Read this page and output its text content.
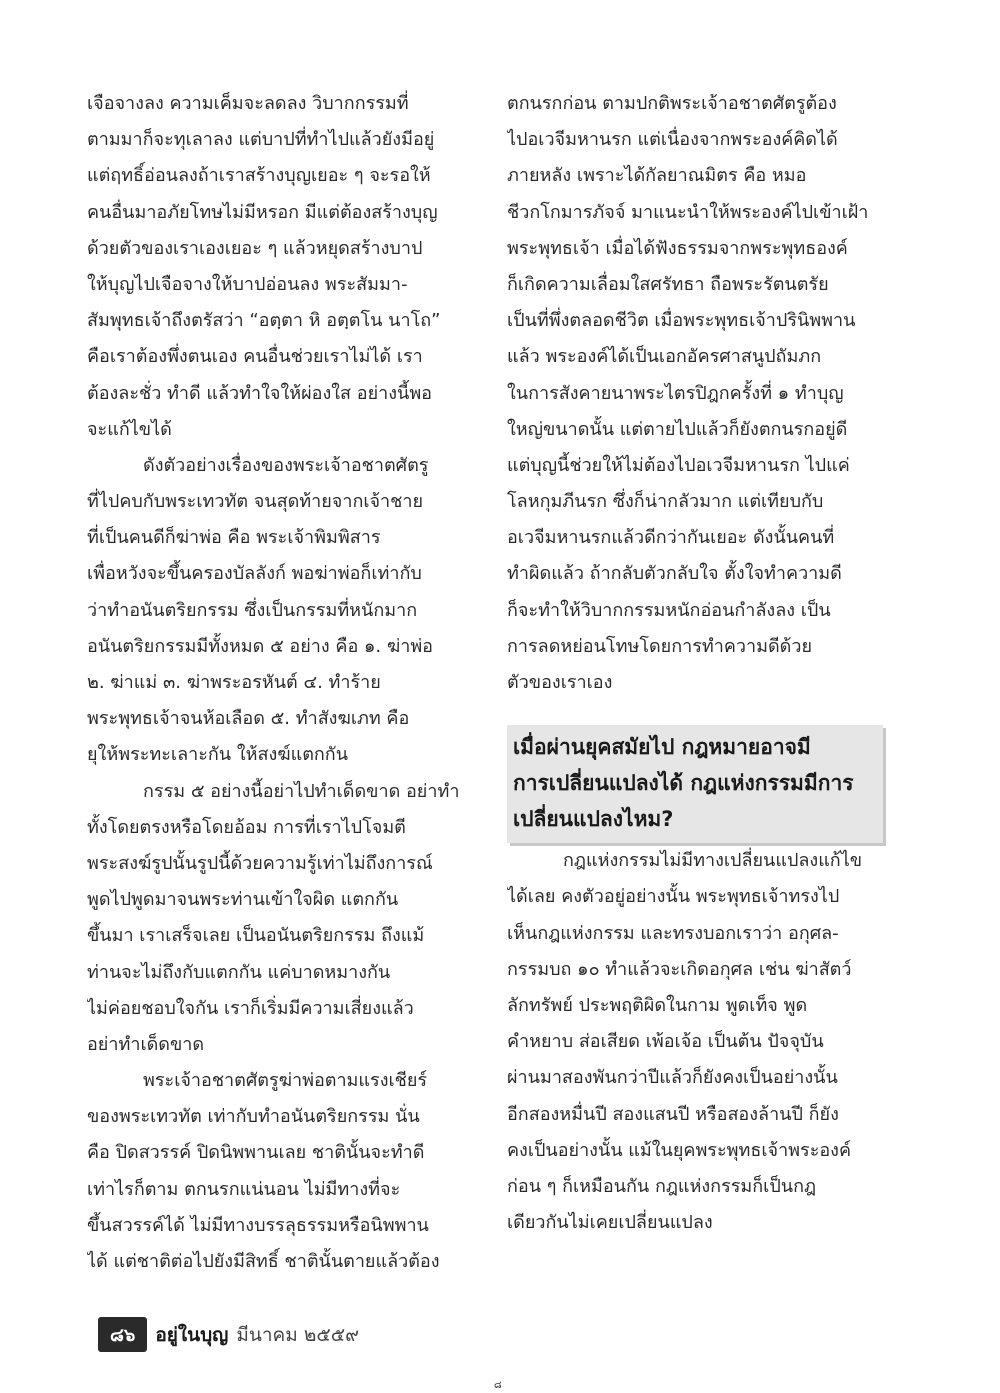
เจือจางลง ความเค็มจะลดลง วิบากกรรมที่
ตามมาก็จะทุเลาลง แต่บาปที่ทำไปแล้วยังมีอยู่
แต่ฤทธิ์อ่อนลงถ้าเราสร้างบุญเยอะ ๆ จะรอให้
คนอื่นมาอภัยโทษไม่มีหรอก มีแต่ต้องสร้างบุญ
ด้วยตัวของเราเองเยอะ ๆ แล้วหยุดสร้างบาป
ให้บุญไปเจือจางให้บาปอ่อนลง พระสัมมา-
สัมพุทธเจ้าถึงตรัสว่า “อตฺตา หิ อตฺตโน นาโถ”
คือเราต้องพึ่งตนเอง คนอื่นช่วยเราไม่ได้ เรา
ต้องละชั่ว ทำดี แล้วทำใจให้ผ่องใส อย่างนี้พอ
จะแก้ไขได้
ดังตัวอย่างเรื่องของพระเจ้าอชาตศัตรู
ที่ไปคบกับพระเทวทัต จนสุดท้ายจากเจ้าชาย
ที่เป็นคนดีก็ฆ่าพ่อ คือ พระเจ้าพิมพิสาร
เพื่อหวังจะขึ้นครองบัลลังก์ พอฆ่าพ่อก็เท่ากับ
ว่าทำอนันตริยกรรม ซึ่งเป็นกรรมที่หนักมาก
อนันตริยกรรมมีทั้งหมด ๕ อย่าง คือ ๑. ฆ่าพ่อ
๒. ฆ่าแม่ ๓. ฆ่าพระอรหันต์ ๔. ทำร้าย
พระพุทธเจ้าจนห้อเลือด ๕. ทำสังฆเภท คือ
ยุให้พระทะเลาะกัน ให้สงฆ์แตกกัน
กรรม ๕ อย่างนี้อย่าไปทำเด็ดขาด อย่าทำ
ทั้งโดยตรงหรือโดยอ้อม การที่เราไปโจมตี
พระสงฆ์รูปนั้นรูปนี้ด้วยความรู้เท่าไม่ถึงการณ์
พูดไปพูดมาจนพระท่านเข้าใจผิด แตกกัน
ขึ้นมา เราเสร็จเลย เป็นอนันตริยกรรม ถึงแม้
ท่านจะไม่ถึงกับแตกกัน แค่บาดหมางกัน
ไม่ค่อยชอบใจกัน เราก็เริ่มมีความเสี่ยงแล้ว
อย่าทำเด็ดขาด
พระเจ้าอชาตศัตรูฆ่าพ่อตามแรงเชียร์
ของพระเทวทัต เท่ากับทำอนันตริยกรรม นั่น
คือ ปิดสวรรค์ ปิดนิพพานเลย ชาตินั้นจะทำดี
เท่าไรก็ตาม ตกนรกแน่นอน ไม่มีทางที่จะ
ขึ้นสวรรค์ได้ ไม่มีทางบรรลุธรรมหรือนิพพาน
ได้ แต่ชาติต่อไปยังมีสิทธิ์ ชาตินั้นตายแล้วต้อง
ตกนรกก่อน ตามปกติพระเจ้าอชาตศัตรูต้อง
ไปอเวจีมหานรก แต่เนื่องจากพระองค์คิดได้
ภายหลัง เพราะได้กัลยาณมิตร คือ หมอ
ชีวกโกมารภัจจ์ มาแนะนำให้พระองค์ไปเข้าเฝ้า
พระพุทธเจ้า เมื่อได้ฟังธรรมจากพระพุทธองค์
ก็เกิดความเลื่อมใสศรัทธา ถือพระรัตนตรัย
เป็นที่พึ่งตลอดชีวิต เมื่อพระพุทธเจ้าปรินิพพาน
แล้ว พระองค์ได้เป็นเอกอัครศาสนูปถัมภก
ในการสังคายนาพระไตรปิฎกครั้งที่ ๑ ทำบุญ
ใหญ่ขนาดนั้น แต่ตายไปแล้วก็ยังตกนรกอยู่ดี
แต่บุญนี้ช่วยให้ไม่ต้องไปอเวจีมหานรก ไปแค่
โลหกุมภีนรก ซึ่งก็น่ากลัวมาก แต่เทียบกับ
อเวจีมหานรกแล้วดีกว่ากันเยอะ ดังนั้นคนที่
ทำผิดแล้ว ถ้ากลับตัวกลับใจ ตั้งใจทำความดี
ก็จะทำให้วิบากกรรมหนักอ่อนกำลังลง เป็น
การลดหย่อนโทษโดยการทำความดีด้วย
ตัวของเราเอง
เมื่อผ่านยุคสมัยไป กฎหมายอาจมี
การเปลี่ยนแปลงได้ กฎแห่งกรรมมีการ
เปลี่ยนแปลงไหม?
กฎแห่งกรรมไม่มีทางเปลี่ยนแปลงแก้ไข
ได้เลย คงตัวอยู่อย่างนั้น พระพุทธเจ้าทรงไป
เห็นกฎแห่งกรรม และทรงบอกเราว่า อกุศล-
กรรมบถ ๑๐ ทำแล้วจะเกิดอกุศล เช่น ฆ่าสัตว์
ลักทรัพย์ ประพฤติผิดในกาม พูดเท็จ พูด
คำหยาบ ส่อเสียด เพ้อเจ้อ เป็นต้น ปัจจุบัน
ผ่านมาสองพันกว่าปีแล้วก็ยังคงเป็นอย่างนั้น
อีกสองหมื่นปี สองแสนปี หรือสองล้านปี ก็ยัง
คงเป็นอย่างนั้น แม้ในยุคพระพุทธเจ้าพระองค์
ก่อน ๆ ก็เหมือนกัน กฎแห่งกรรมก็เป็นกฎ
เดียวกันไม่เคยเปลี่ยนแปลง
๘๖	อยู่ในบุญ มีนาคม ๒๕๕๙
๘
